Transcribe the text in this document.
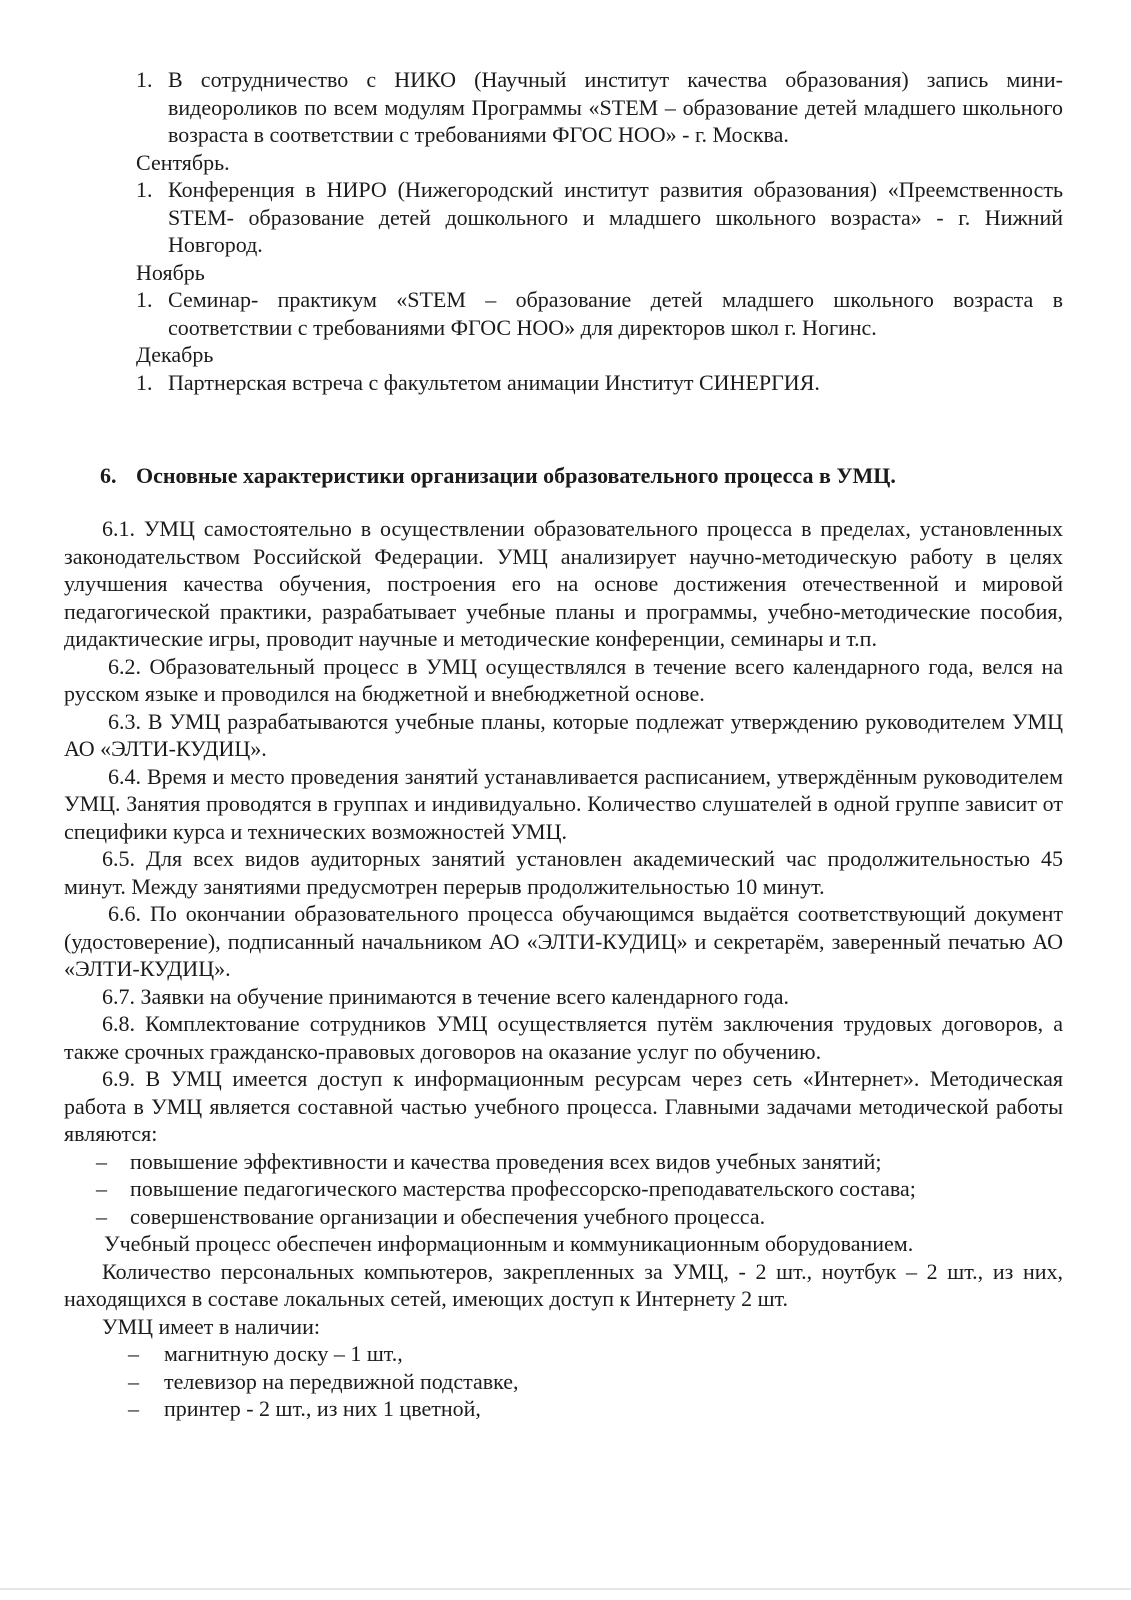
1. В сотрудничество с НИКО (Научный институт качества образования) запись мини-видеороликов по всем модулям Программы «STEM – образование детей младшего школьного возраста в соответствии с требованиями ФГОС НОО» - г. Москва.

Сентябрь.

1. Конференция в НИРО (Нижегородский институт развития образования) «Преемственность STEM- образование детей дошкольного и младшего школьного возраста» - г. Нижний Новгород.

Ноябрь

1. Семинар- практикум «STEM – образование детей младшего школьного возраста в соответствии с требованиями ФГОС НОО» для директоров школ г. Ногинс.

Декабрь

1. Партнерская встреча с факультетом анимации Институт СИНЕРГИЯ.

6. Основные характеристики организации образовательного процесса в УМЦ.

6.1. УМЦ самостоятельно в осуществлении образовательного процесса в пределах, установленных законодательством Российской Федерации. УМЦ анализирует научно-методическую работу в целях улучшения качества обучения, построения его на основе достижения отечественной и мировой педагогической практики, разрабатывает учебные планы и программы, учебно-методические пособия, дидактические игры, проводит научные и методические конференции, семинары и т.п.

6.2. Образовательный процесс в УМЦ осуществлялся в течение всего календарного года, велся на русском языке и проводился на бюджетной и внебюджетной основе.

6.3. В УМЦ разрабатываются учебные планы, которые подлежат утверждению руководителем УМЦ АО «ЭЛТИ-КУДИЦ».

6.4. Время и место проведения занятий устанавливается расписанием, утверждённым руководителем УМЦ. Занятия проводятся в группах и индивидуально. Количество слушателей в одной группе зависит от специфики курса и технических возможностей УМЦ.

6.5. Для всех видов аудиторных занятий установлен академический час продолжительностью 45 минут. Между занятиями предусмотрен перерыв продолжительностью 10 минут.

6.6. По окончании образовательного процесса обучающимся выдаётся соответствующий документ (удостоверение), подписанный начальником АО «ЭЛТИ-КУДИЦ» и секретарём, заверенный печатью АО «ЭЛТИ-КУДИЦ».

6.7. Заявки на обучение принимаются в течение всего календарного года.

6.8. Комплектование сотрудников УМЦ осуществляется путём заключения трудовых договоров, а также срочных гражданско-правовых договоров на оказание услуг по обучению.

6.9. В УМЦ имеется доступ к информационным ресурсам через сеть «Интернет». Методическая работа в УМЦ является составной частью учебного процесса. Главными задачами методической работы являются:

– повышение эффективности и качества проведения всех видов учебных занятий;

– повышение педагогического мастерства профессорско-преподавательского состава;

– совершенствование организации и обеспечения учебного процесса.

Учебный процесс обеспечен информационным и коммуникационным оборудованием.

Количество персональных компьютеров, закрепленных за УМЦ, - 2 шт., ноутбук – 2 шт., из них, находящихся в составе локальных сетей, имеющих доступ к Интернету 2 шт.

УМЦ имеет в наличии:

– магнитную доску – 1 шт.,

– телевизор на передвижной подставке,

– принтер - 2 шт., из них 1 цветной,
